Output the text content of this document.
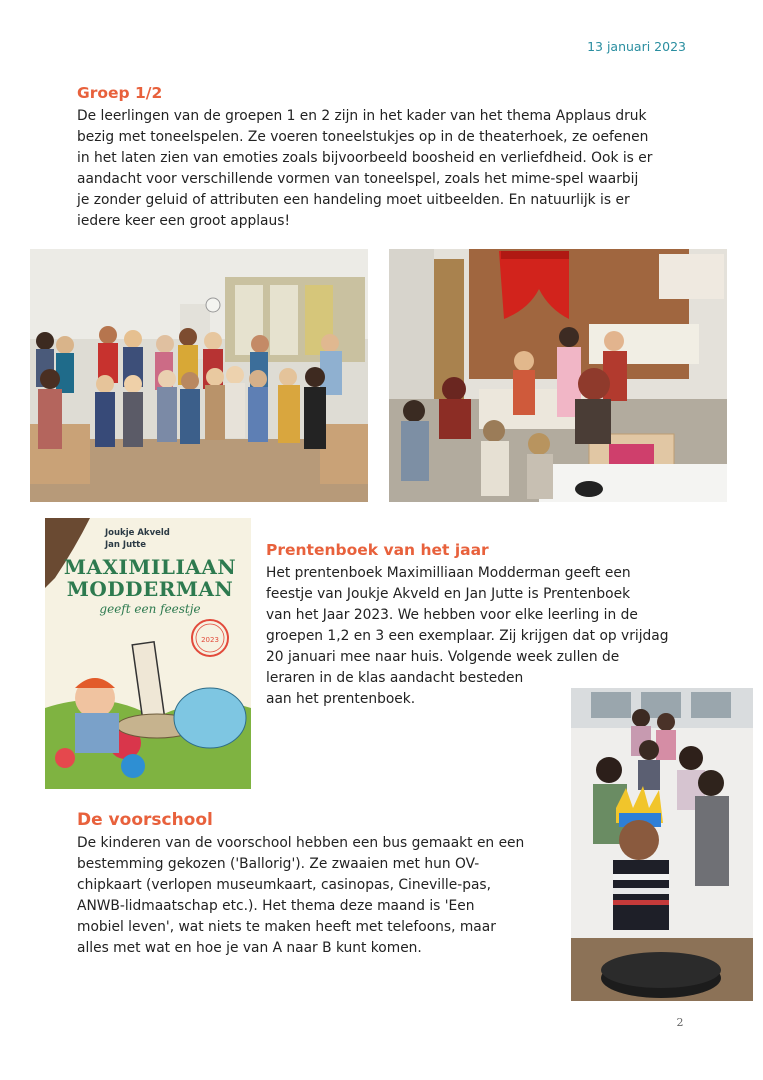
13 januari 2023
Groep 1/2

De leerlingen van de groepen 1 en 2 zijn in het kader van het thema Applaus druk
bezig met toneelspelen. Ze voeren toneelstukjes op in de theaterhoek, ze oefenen
in het laten zien van emoties zoals bijvoorbeeld boosheid en verliefdheid. Ook is er
aandacht voor verschillende vormen van toneelspel, zoals het mime-spel waarbij
je zonder geluid of attributen een handeling moet uitbeelden. En natuurlijk is er
iedere keer een groot applaus!

2023
Joukje Akveld
Jan Jutte
MAXIMILIAAN
MODDERMAN
geeft een feestje
Prentenboek van het jaar

Het prentenboek Maximilliaan Modderman geeft een
feestje van Joukje Akveld en Jan Jutte is Prentenboek
van het Jaar 2023. We hebben voor elke leerling in de
groepen 1,2 en 3 een exemplaar. Zij krijgen dat op vrijdag
20 januari mee naar huis. Volgende week zullen de
leraren in de klas aandacht besteden
aan het prentenboek.

De voorschool

De kinderen van de voorschool hebben een bus gemaakt en een
bestemming gekozen ('Ballorig'). Ze zwaaien met hun OV-
chipkaart (verlopen museumkaart, casinopas, Cineville-pas,
ANWB-lidmaatschap etc.). Het thema deze maand is 'Een
mobiel leven', wat niets te maken heeft met telefoons, maar
alles met wat en hoe je van A naar B kunt komen.

2
